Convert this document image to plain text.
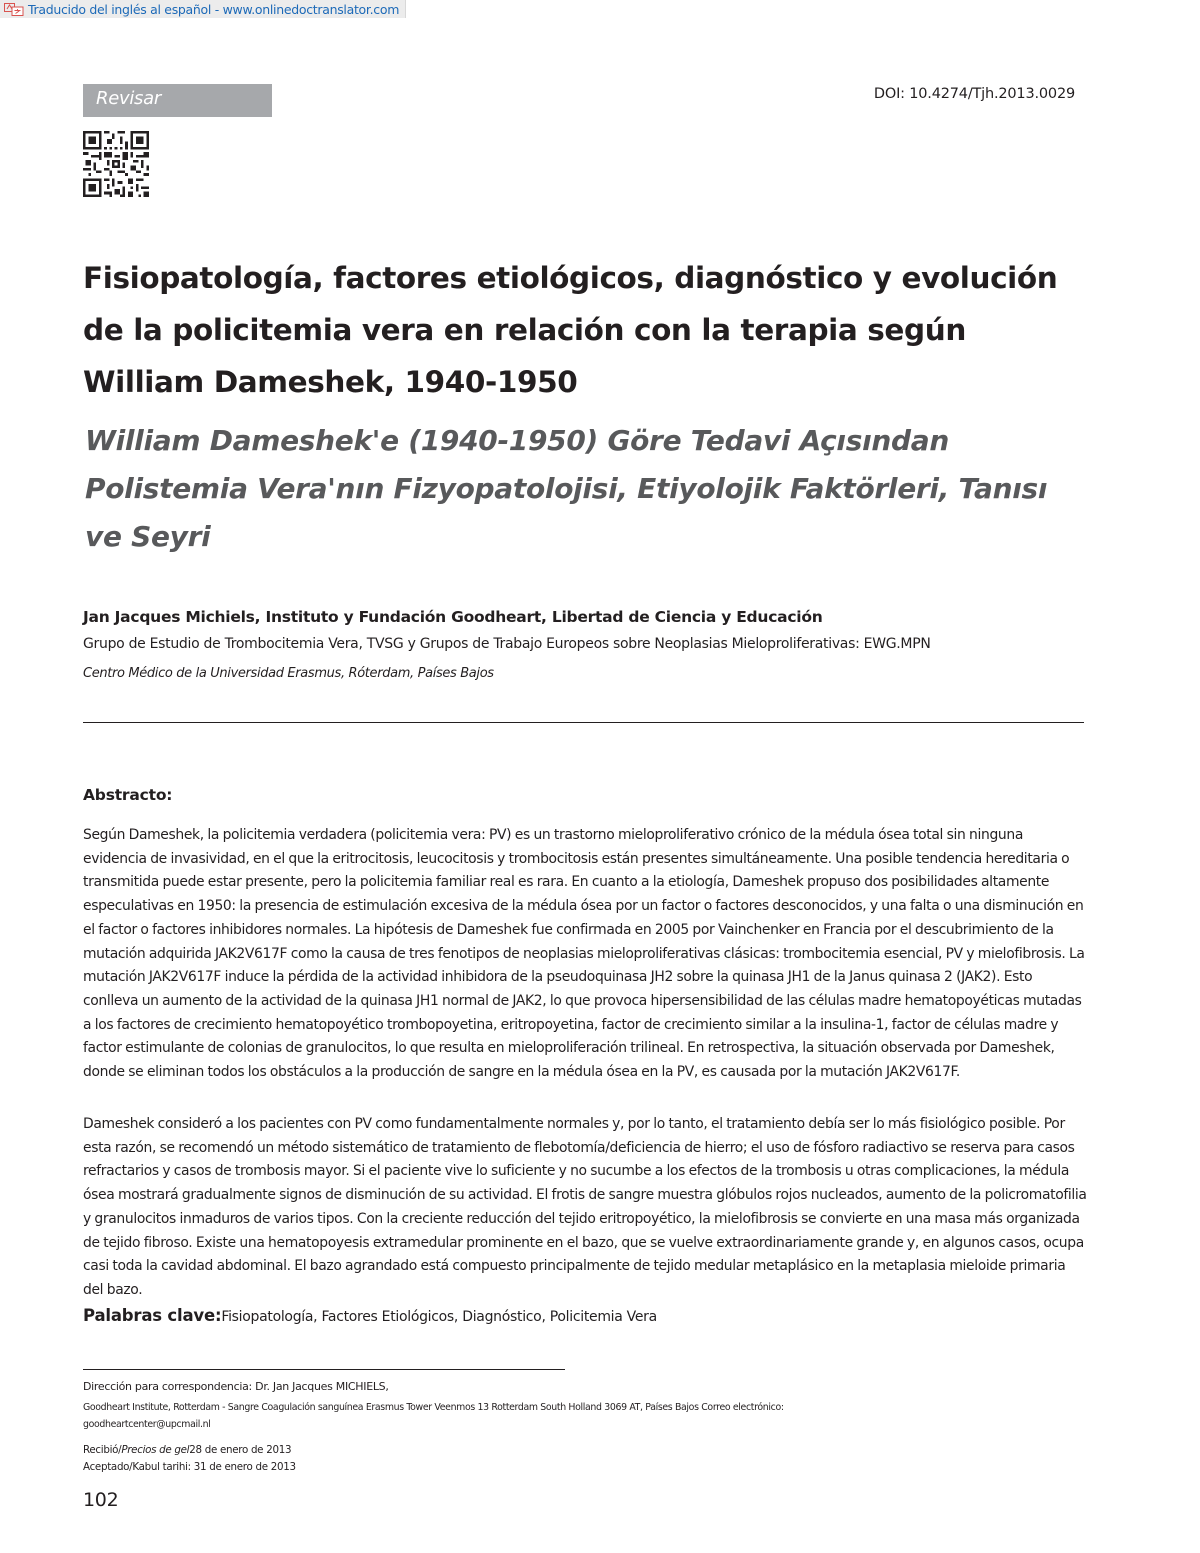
Traducido del inglés al español - www.onlinedoctranslator.com
Revisar	DOI: 10.4274/Tjh.2013.0029
Fisiopatología, factores etiológicos, diagnóstico y evolución de la policitemia vera en relación con la terapia según William Dameshek, 1940-1950
William Dameshek'e (1940-1950) Göre Tedavi Açısından Polistemia Vera'nın Fizyopatolojisi, Etiyolojik Faktörleri, Tanısı ve Seyri
Jan Jacques Michiels, Instituto y Fundación Goodheart, Libertad de Ciencia y Educación
Grupo de Estudio de Trombocitemia Vera, TVSG y Grupos de Trabajo Europeos sobre Neoplasias Mieloproliferativas: EWG.MPN
Centro Médico de la Universidad Erasmus, Róterdam, Países Bajos
Abstracto:

Según Dameshek, la policitemia verdadera (policitemia vera: PV) es un trastorno mieloproliferativo crónico de la médula ósea total sin ninguna evidencia de invasividad, en el que la eritrocitosis, leucocitosis y trombocitosis están presentes simultáneamente. Una posible tendencia hereditaria o transmitida puede estar presente, pero la policitemia familiar real es rara. En cuanto a la etiología, Dameshek propuso dos posibilidades altamente especulativas en 1950: la presencia de estimulación excesiva de la médula ósea por un factor o factores desconocidos, y una falta o una disminución en el factor o factores inhibidores normales. La hipótesis de Dameshek fue confirmada en 2005 por Vainchenker en Francia por el descubrimiento de la mutación adquirida JAK2V617F como la causa de tres fenotipos de neoplasias mieloproliferativas clásicas: trombocitemia esencial, PV y mielofibrosis. La mutación JAK2V617F induce la pérdida de la actividad inhibidora de la pseudoquinasa JH2 sobre la quinasa JH1 de la Janus quinasa 2 (JAK2). Esto conlleva un aumento de la actividad de la quinasa JH1 normal de JAK2, lo que provoca hipersensibilidad de las células madre hematopoyéticas mutadas a los factores de crecimiento hematopoyético trombopoyetina, eritropoyetina, factor de crecimiento similar a la insulina-1, factor de células madre y factor estimulante de colonias de granulocitos, lo que resulta en mieloproliferación trilineal. En retrospectiva, la situación observada por Dameshek, donde se eliminan todos los obstáculos a la producción de sangre en la médula ósea en la PV, es causada por la mutación JAK2V617F.

Dameshek consideró a los pacientes con PV como fundamentalmente normales y, por lo tanto, el tratamiento debía ser lo más fisiológico posible. Por esta razón, se recomendó un método sistemático de tratamiento de flebotomía/deficiencia de hierro; el uso de fósforo radiactivo se reserva para casos refractarios y casos de trombosis mayor. Si el paciente vive lo suficiente y no sucumbe a los efectos de la trombosis u otras complicaciones, la médula ósea mostrará gradualmente signos de disminución de su actividad. El frotis de sangre muestra glóbulos rojos nucleados, aumento de la policromatofilia y granulocitos inmaduros de varios tipos. Con la creciente reducción del tejido eritropoyético, la mielofibrosis se convierte en una masa más organizada de tejido fibroso. Existe una hematopoyesis extramedular prominente en el bazo, que se vuelve extraordinariamente grande y, en algunos casos, ocupa casi toda la cavidad abdominal. El bazo agrandado está compuesto principalmente de tejido medular metaplásico en la metaplasia mieloide primaria del bazo.

Palabras clave:Fisiopatología, Factores Etiológicos, Diagnóstico, Policitemia Vera
Dirección para correspondencia: Dr. Jan Jacques MICHIELS,
Goodheart Institute, Rotterdam - Sangre Coagulación sanguínea Erasmus Tower Veenmos 13 Rotterdam South Holland 3069 AT, Países Bajos Correo electrónico: goodheartcenter@upcmail.nl
Recibió/Precios de gel28 de enero de 2013
Aceptado/Kabul tarihi: 31 de enero de 2013
102
